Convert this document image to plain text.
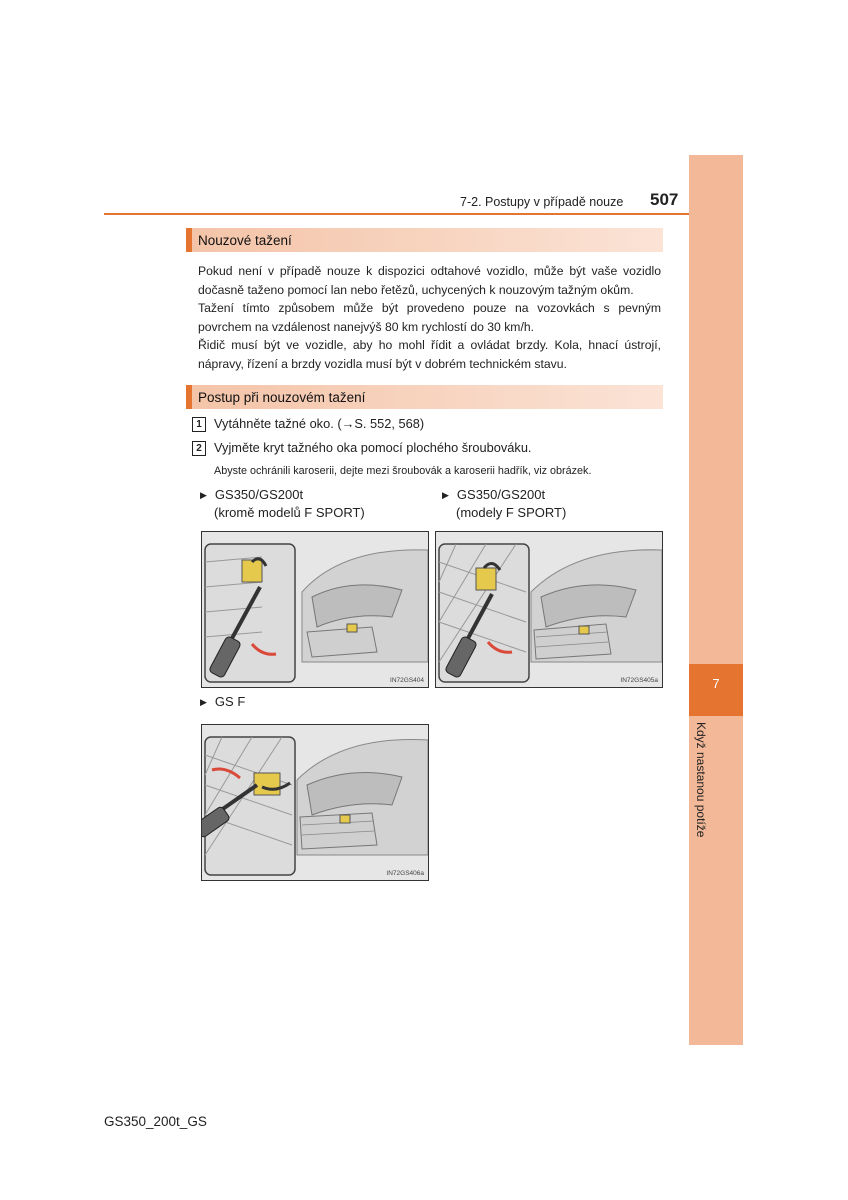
7
Když nastanou potíže
7-2. Postupy v případě nouze 507
Nouzové tažení

Pokud není v případě nouze k dispozici odtahové vozidlo, může být vaše vozidlo dočasně taženo pomocí lan nebo řetězů, uchycených k nouzovým tažným okům.

Tažení tímto způsobem může být provedeno pouze na vozovkách s pevným povrchem na vzdálenost nanejvýš 80 km rychlostí do 30 km/h.

Řidič musí být ve vozidle, aby ho mohl řídit a ovládat brzdy. Kola, hnací ústrojí, nápravy, řízení a brzdy vozidla musí být v dobrém technickém stavu.

Postup při nouzovém tažení
1 Vytáhněte tažné oko. (→S. 552, 568)
2 Vyjměte kryt tažného oka pomocí plochého šroubováku.
Abyste ochránili karoserii, dejte mezi šroubovák a karoserii hadřík, viz obrázek.
▶ GS350/GS200t
(kromě modelů F SPORT)
▶ GS350/GS200t
(modely F SPORT)
▶ GS F
IN72GS404	IN72GS405a
IN72GS406a
GS350_200t_GS
